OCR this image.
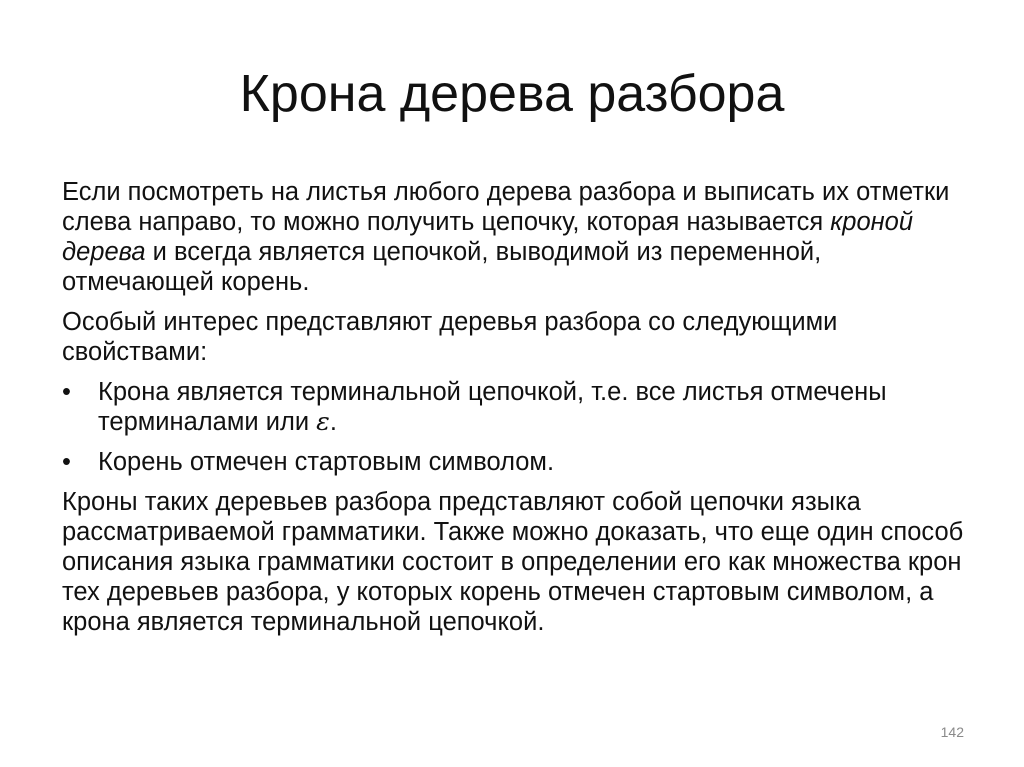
Крона дерева разбора

Если посмотреть на листья любого дерева разбора и выписать их отметки слева направо, то можно получить цепочку, которая называется кроной дерева и всегда является цепочкой, выводимой из переменной, отмечающей корень.

Особый интерес представляют деревья разбора со следующими свойствами:

•	Крона является терминальной цепочкой, т.е. все листья отмечены терминалами или ε.
•	Корень отмечен стартовым символом.

Кроны таких деревьев разбора представляют собой цепочки языка рассматриваемой грамматики. Также можно доказать, что еще один способ описания языка грамматики состоит в определении его как множества крон тех деревьев разбора, у которых корень отмечен стартовым символом, а крона является терминальной цепочкой.

142
